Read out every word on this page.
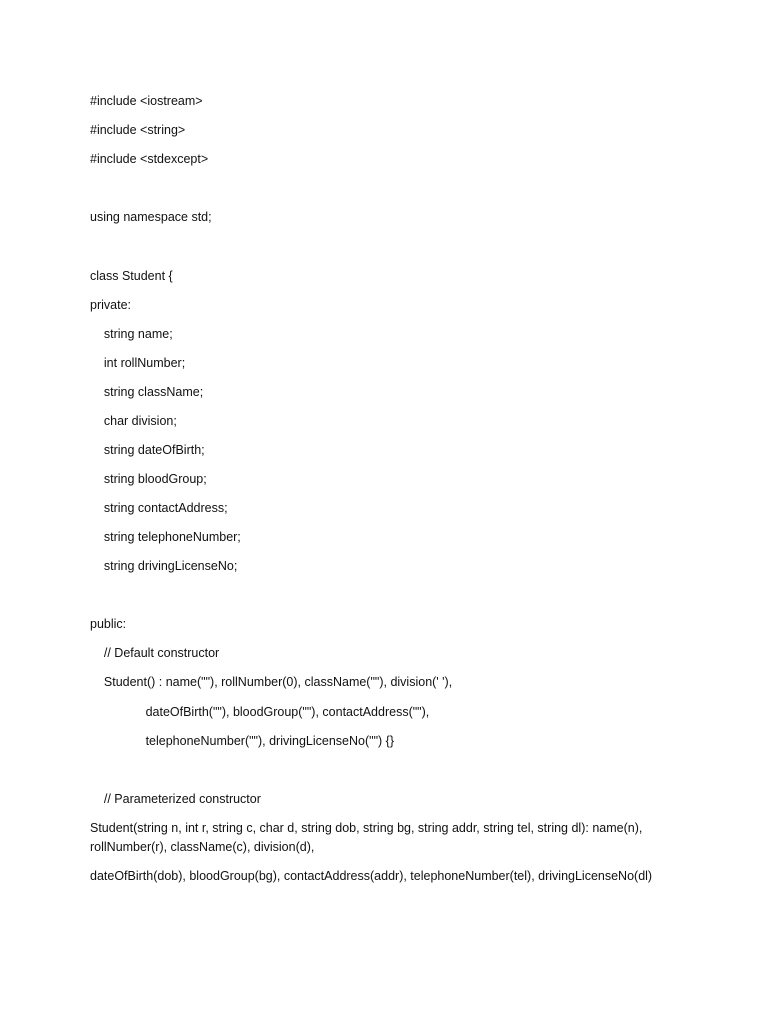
#include <iostream>
#include <string>
#include <stdexcept>
using namespace std;
class Student {
private:
string name;
int rollNumber;
string className;
char division;
string dateOfBirth;
string bloodGroup;
string contactAddress;
string telephoneNumber;
string drivingLicenseNo;
public:
// Default constructor
Student() : name(""), rollNumber(0), className(""), division(' '),
dateOfBirth(""), bloodGroup(""), contactAddress(""),
telephoneNumber(""), drivingLicenseNo("") {}
// Parameterized constructor
Student(string n, int r, string c, char d, string dob, string bg, string addr, string tel, string dl): name(n), rollNumber(r), className(c), division(d),
dateOfBirth(dob), bloodGroup(bg), contactAddress(addr), telephoneNumber(tel), drivingLicenseNo(dl)
